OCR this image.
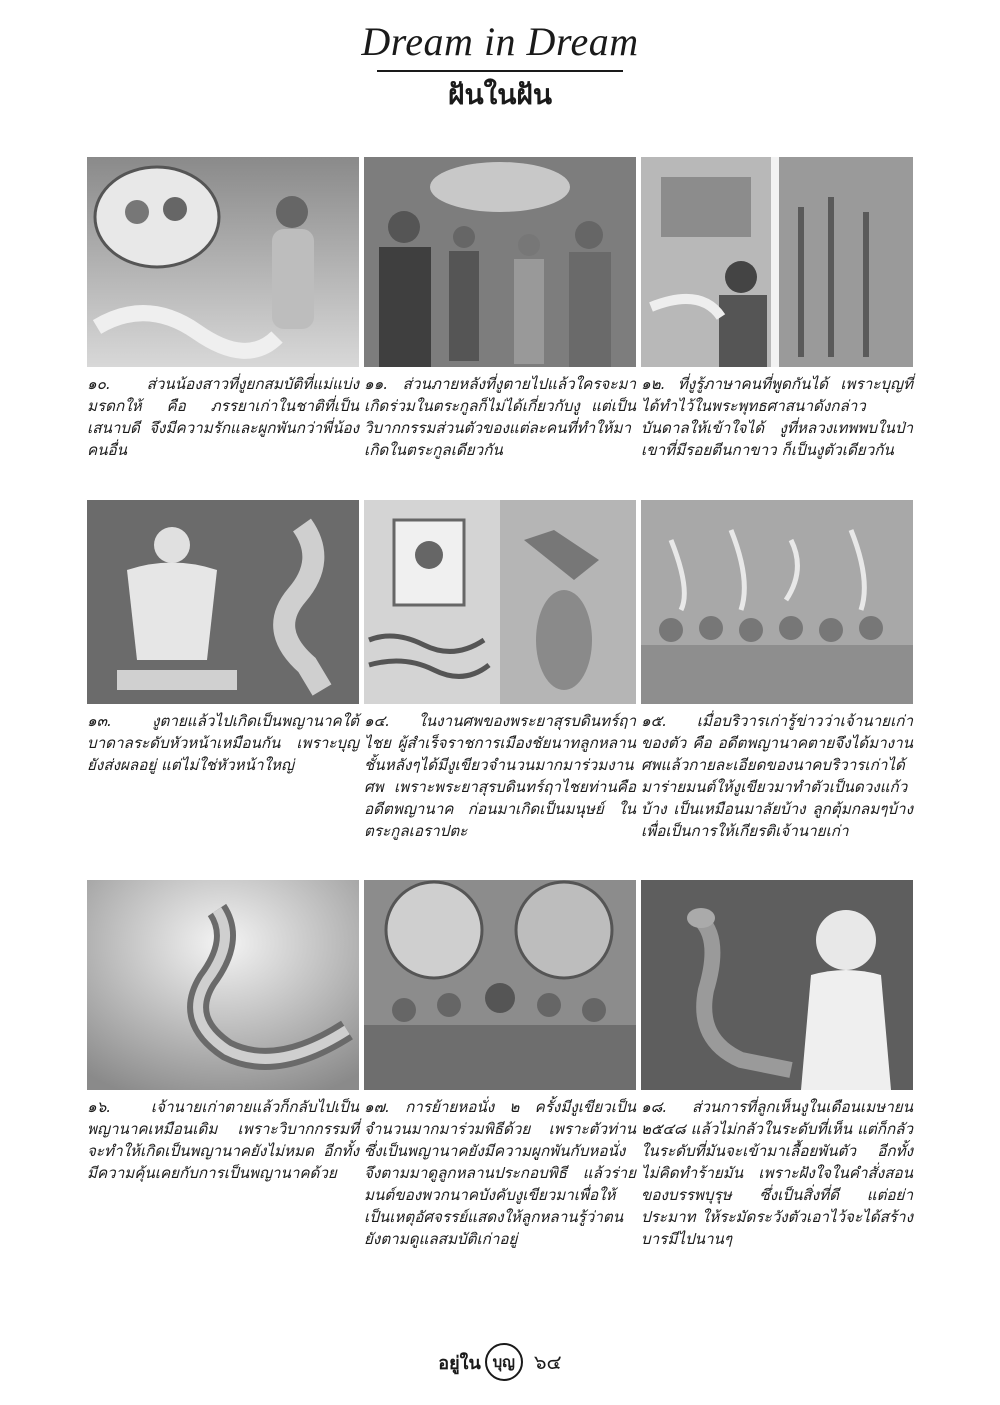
Dream in Dream
ฝันในฝัน
๑๐. ส่วนน้องสาวที่งูยกสมบัติที่แม่แบ่งมรดกให้ คือ ภรรยาเก่าในชาติที่เป็นเสนาบดี จึงมีความรักและผูกพันกว่าพี่น้องคนอื่น
๑๑. ส่วนภายหลังที่งูตายไปแล้วใครจะมาเกิดร่วมในตระกูลก็ไม่ได้เกี่ยวกับงู แต่เป็นวิบากกรรมส่วนตัวของแต่ละคนที่ทำให้มาเกิดในตระกูลเดียวกัน
๑๒. ที่งูรู้ภาษาคนที่พูดกันได้ เพราะบุญที่ได้ทำไว้ในพระพุทธศาสนาดังกล่าวบันดาลให้เข้าใจได้ งูที่หลวงเทพพบในป่าเขาที่มีรอยตีนกาขาว ก็เป็นงูตัวเดียวกัน
๑๓. งูตายแล้วไปเกิดเป็นพญานาคใต้บาดาลระดับหัวหน้าเหมือนกัน เพราะบุญยังส่งผลอยู่ แต่ไม่ใช่หัวหน้าใหญ่
๑๔. ในงานศพของพระยาสุรบดินทร์ฤาไชย ผู้สำเร็จราชการเมืองชัยนาทลูกหลานชั้นหลังๆได้มีงูเขียวจำนวนมากมาร่วมงานศพ เพราะพระยาสุรบดินทร์ฤาไชยท่านคืออดีตพญานาค ก่อนมาเกิดเป็นมนุษย์ ในตระกูลเอราปตะ
๑๕. เมื่อบริวารเก่ารู้ข่าวว่าเจ้านายเก่าของตัว คือ อดีตพญานาคตายจึงได้มางานศพแล้วกายละเอียดของนาคบริวารเก่าได้มาร่ายมนต์ให้งูเขียวมาทำตัวเป็นดวงแก้วบ้าง เป็นเหมือนมาลัยบ้าง ลูกตุ้มกลมๆบ้าง เพื่อเป็นการให้เกียรติเจ้านายเก่า
๑๖. เจ้านายเก่าตายแล้วก็กลับไปเป็นพญานาคเหมือนเดิม เพราะวิบากกรรมที่จะทำให้เกิดเป็นพญานาคยังไม่หมด อีกทั้งมีความคุ้นเคยกับการเป็นพญานาคด้วย
๑๗. การย้ายหอนั่ง ๒ ครั้งมีงูเขียวเป็นจำนวนมากมาร่วมพิธีด้วย เพราะตัวท่านซึ่งเป็นพญานาคยังมีความผูกพันกับหอนั่ง จึงตามมาดูลูกหลานประกอบพิธี แล้วร่ายมนต์ของพวกนาคบังคับงูเขียวมาเพื่อให้เป็นเหตุอัศจรรย์แสดงให้ลูกหลานรู้ว่าตนยังตามดูแลสมบัติเก่าอยู่
๑๘. ส่วนการที่ลูกเห็นงูในเดือนเมษายน ๒๕๔๘ แล้วไม่กลัวในระดับที่เห็น แต่ก็กลัวในระดับที่มันจะเข้ามาเลื้อยพันตัว อีกทั้งไม่คิดทำร้ายมัน เพราะฝังใจในคำสั่งสอนของบรรพบุรุษ ซึ่งเป็นสิ่งที่ดี แต่อย่าประมาท ให้ระมัดระวังตัวเอาไว้จะได้สร้างบารมีไปนานๆ
อยู่ใน บุญ ๖๔
